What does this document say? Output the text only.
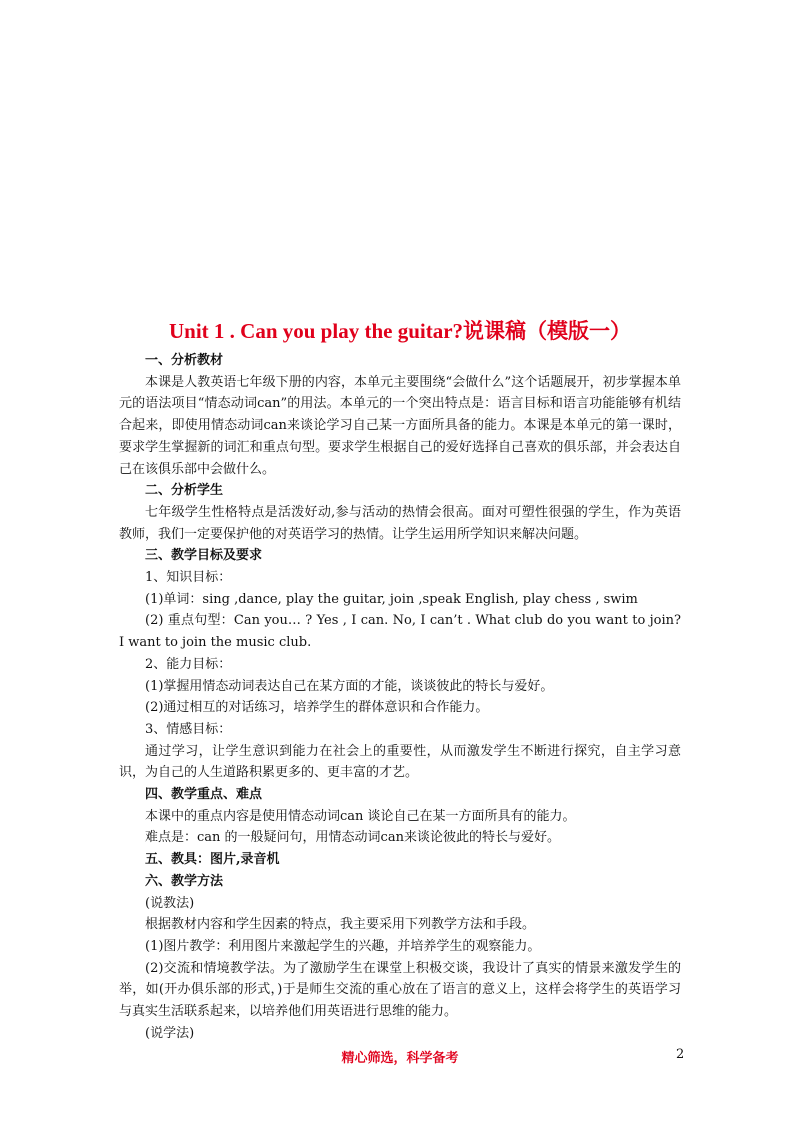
Unit 1 . Can you play the guitar?说课稿（模版一）

一、分析教材

本课是人教英语七年级下册的内容，本单元主要围绕“会做什么”这个话题展开，初步掌握本单元的语法项目“情态动词can”的用法。本单元的一个突出特点是：语言目标和语言功能能够有机结合起来，即使用情态动词can来谈论学习自己某一方面所具备的能力。本课是本单元的第一课时，要求学生掌握新的词汇和重点句型。要求学生根据自己的爱好选择自己喜欢的俱乐部，并会表达自己在该俱乐部中会做什么。

二、分析学生

七年级学生性格特点是活泼好动,参与活动的热情会很高。面对可塑性很强的学生，作为英语教师，我们一定要保护他的对英语学习的热情。让学生运用所学知识来解决问题。

三、教学目标及要求

1、知识目标：

(1)单词：sing ,dance, play the guitar, join ,speak English, play chess , swim

(2) 重点句型：Can you… ? Yes , I can. No, I can’t . What club do you want to join? I want to join the music club.

2、能力目标：

(1)掌握用情态动词表达自己在某方面的才能，谈谈彼此的特长与爱好。

(2)通过相互的对话练习，培养学生的群体意识和合作能力。

3、情感目标：

通过学习，让学生意识到能力在社会上的重要性，从而激发学生不断进行探究，自主学习意识，为自己的人生道路积累更多的、更丰富的才艺。

四、教学重点、难点

本课中的重点内容是使用情态动词can 谈论自己在某一方面所具有的能力。

难点是：can 的一般疑问句，用情态动词can来谈论彼此的特长与爱好。

五、教具：图片,录音机

六、教学方法

(说教法)

根据教材内容和学生因素的特点，我主要采用下列教学方法和手段。

(1)图片教学：利用图片来激起学生的兴趣，并培养学生的观察能力。

(2)交流和情境教学法。为了激励学生在课堂上积极交谈，我设计了真实的情景来激发学生的举，如(开办俱乐部的形式，)于是师生交流的重心放在了语言的意义上，这样会将学生的英语学习与真实生活联系起来，以培养他们用英语进行思维的能力。

(说学法)

精心筛选，科学备考	2
